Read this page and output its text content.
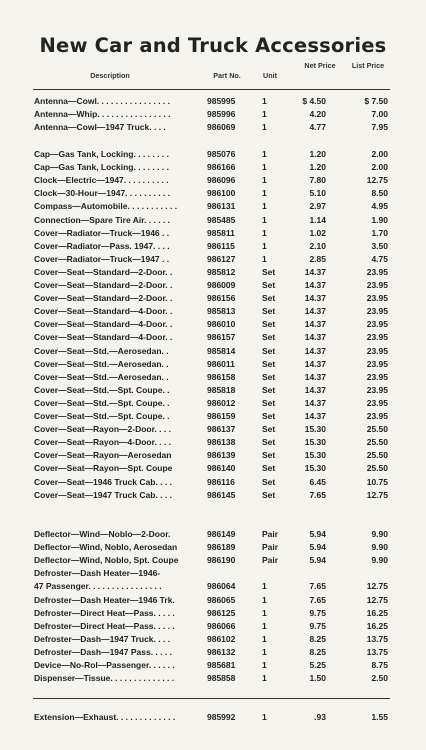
New Car and Truck Accessories
Description	Part No.	Unit
Net Price	List Price
Antenna—Cowl. . . . . . . . . . . . . . . .	985995	1	$ 4.50	$ 7.50
Antenna—Whip. . . . . . . . . . . . . . . .	985996	1	4.20	7.00
Antenna—Cowl—1947 Truck. . . .	986069	1	4.77	7.95
Cap—Gas Tank, Locking. . . . . . . .	985076	1	1.20	2.00
Cap—Gas Tank, Locking. . . . . . . .	986166	1	1.20	2.00
Clock—Electric—1947. . . . . . . . . .	986096	1	7.80	12.75
Clock—30-Hour—1947. . . . . . . . . .	986100	1	5.10	8.50
Compass—Automobile. . . . . . . . . . .	986131	1	2.97	4.95
Connection—Spare Tire Air. . . . . .	985485	1	1.14	1.90
Cover—Radiator—Truck—1946 . .	985811	1	1.02	1.70
Cover—Radiator—Pass. 1947. . . .	986115	1	2.10	3.50
Cover—Radiator—Truck—1947 . .	986127	1	2.85	4.75
Cover—Seat—Standard—2-Door. .	985812	Set	14.37	23.95
Cover—Seat—Standard—2-Door. .	986009	Set	14.37	23.95
Cover—Seat—Standard—2-Door. .	986156	Set	14.37	23.95
Cover—Seat—Standard—4-Door. .	985813	Set	14.37	23.95
Cover—Seat—Standard—4-Door. .	986010	Set	14.37	23.95
Cover—Seat—Standard—4-Door. .	986157	Set	14.37	23.95
Cover—Seat—Std.—Aerosedan. .	985814	Set	14.37	23.95
Cover—Seat—Std.—Aerosedan. .	986011	Set	14.37	23.95
Cover—Seat—Std.—Aerosedan. .	986158	Set	14.37	23.95
Cover—Seat—Std.—Spt. Coupe. .	985818	Set	14.37	23.95
Cover—Seat—Std.—Spt. Coupe. .	986012	Set	14.37	23.95
Cover—Seat—Std.—Spt. Coupe. .	986159	Set	14.37	23.95
Cover—Seat—Rayon—2-Door. . . .	986137	Set	15.30	25.50
Cover—Seat—Rayon—4-Door. . . .	986138	Set	15.30	25.50
Cover—Seat—Rayon—Aerosedan	986139	Set	15.30	25.50
Cover—Seat—Rayon—Spt. Coupe	986140	Set	15.30	25.50
Cover—Seat—1946 Truck Cab. . . .	986116	Set	6.45	10.75
Cover—Seat—1947 Truck Cab. . . .	986145	Set	7.65	12.75
Deflector—Wind—Noblo—2-Door.	986149	Pair	5.94	9.90
Deflector—Wind, Noblo, Aerosedan	986189	Pair	5.94	9.90
Deflector—Wind, Noblo, Spt. Coupe	986190	Pair	5.94	9.90
Defroster—Dash Heater—1946-
47 Passenger. . . . . . . . . . . . . . . .	986064	1	7.65	12.75
Defroster—Dash Heater—1946 Trk.	986065	1	7.65	12.75
Defroster—Direct Heat—Pass. . . . .	986125	1	9.75	16.25
Defroster—Direct Heat—Pass. . . . .	986066	1	9.75	16.25
Defroster—Dash—1947 Truck. . . .	986102	1	8.25	13.75
Defroster—Dash—1947 Pass. . . . .	986132	1	8.25	13.75
Device—No-Rol—Passenger. . . . . .	985681	1	5.25	8.75
Dispenser—Tissue. . . . . . . . . . . . . .	985858	1	1.50	2.50
Extension—Exhaust. . . . . . . . . . . . .	985992	1	.93	1.55
